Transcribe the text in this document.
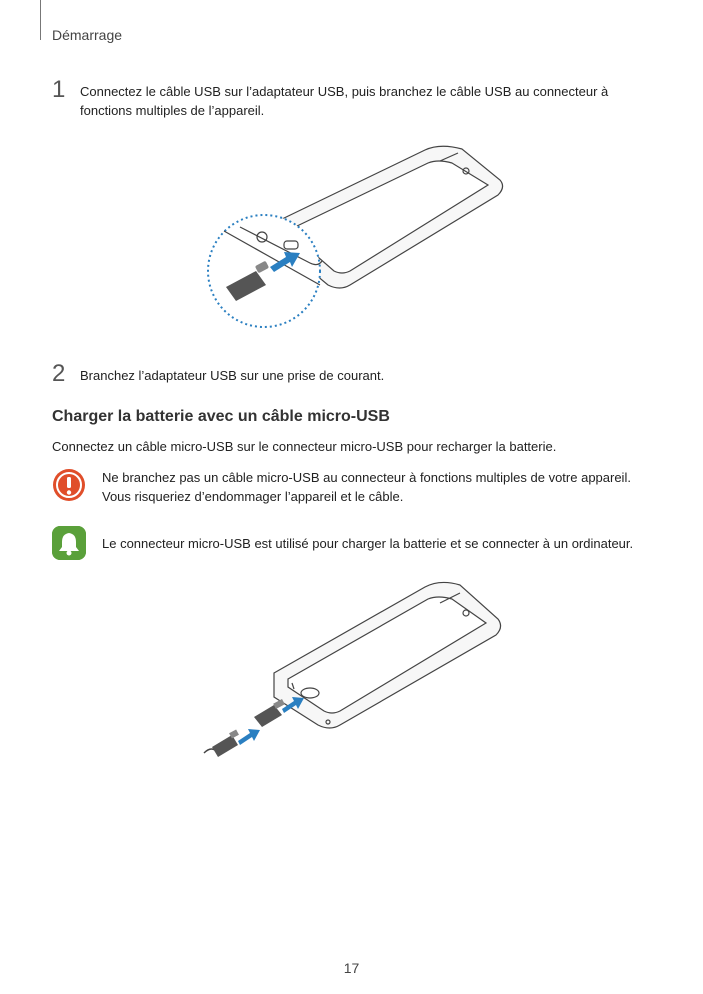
Démarrage
1 Connectez le câble USB sur l’adaptateur USB, puis branchez le câble USB au connecteur à fonctions multiples de l’appareil.
2 Branchez l’adaptateur USB sur une prise de courant.
Charger la batterie avec un câble micro-USB
Connectez un câble micro-USB sur le connecteur micro-USB pour recharger la batterie.
Ne branchez pas un câble micro-USB au connecteur à fonctions multiples de votre appareil.
Vous risqueriez d’endommager l’appareil et le câble.
Le connecteur micro-USB est utilisé pour charger la batterie et se connecter à un ordinateur.
17
